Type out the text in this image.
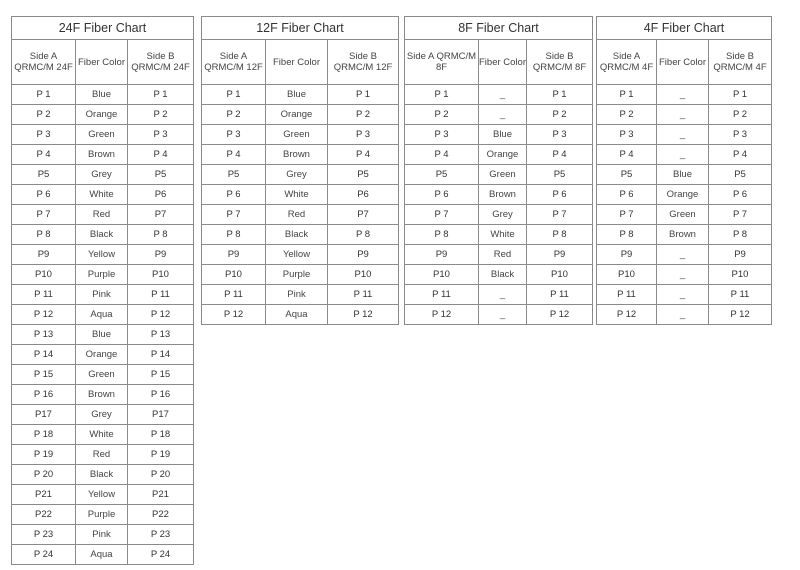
24F Fiber Chart		
Side A QRMC/M 24F	Fiber Color	Side B QRMC/M 24F
P 1	Blue	P 1
P 2	Orange	P 2
P 3	Green	P 3
P 4	Brown	P 4
P5	Grey	P5
P 6	White	P6
P 7	Red	P7
P 8	Black	P 8
P9	Yellow	P9
P10	Purple	P10
P 11	Pink	P 11
P 12	Aqua	P 12
P 13	Blue	P 13
P 14	Orange	P 14
P 15	Green	P 15
P 16	Brown	P 16
P17	Grey	P17
P 18	White	P 18
P 19	Red	P 19
P 20	Black	P 20
P21	Yellow	P21
P22	Purple	P22
P 23	Pink	P 23
P 24	Aqua	P 24
12F Fiber Chart		
Side A QRMC/M 12F	Fiber Color	Side B QRMC/M 12F
P 1	Blue	P 1
P 2	Orange	P 2
P 3	Green	P 3
P 4	Brown	P 4
P5	Grey	P5
P 6	White	P6
P 7	Red	P7
P 8	Black	P 8
P9	Yellow	P9
P10	Purple	P10
P 11	Pink	P 11
P 12	Aqua	P 12
8F Fiber Chart		
Side A QRMC/M 8F	Fiber Color	Side B QRMC/M 8F
P 1	_	P 1
P 2	_	P 2
P 3	Blue	P 3
P 4	Orange	P 4
P5	Green	P5
P 6	Brown	P 6
P 7	Grey	P 7
P 8	White	P 8
P9	Red	P9
P10	Black	P10
P 11	_	P 11
P 12	_	P 12
4F Fiber Chart		
Side A QRMC/M 4F	Fiber Color	Side B QRMC/M 4F
P 1	_	P 1
P 2	_	P 2
P 3	_	P 3
P 4	_	P 4
P5	Blue	P5
P 6	Orange	P 6
P 7	Green	P 7
P 8	Brown	P 8
P9	_	P9
P10	_	P10
P 11	_	P 11
P 12	_	P 12
